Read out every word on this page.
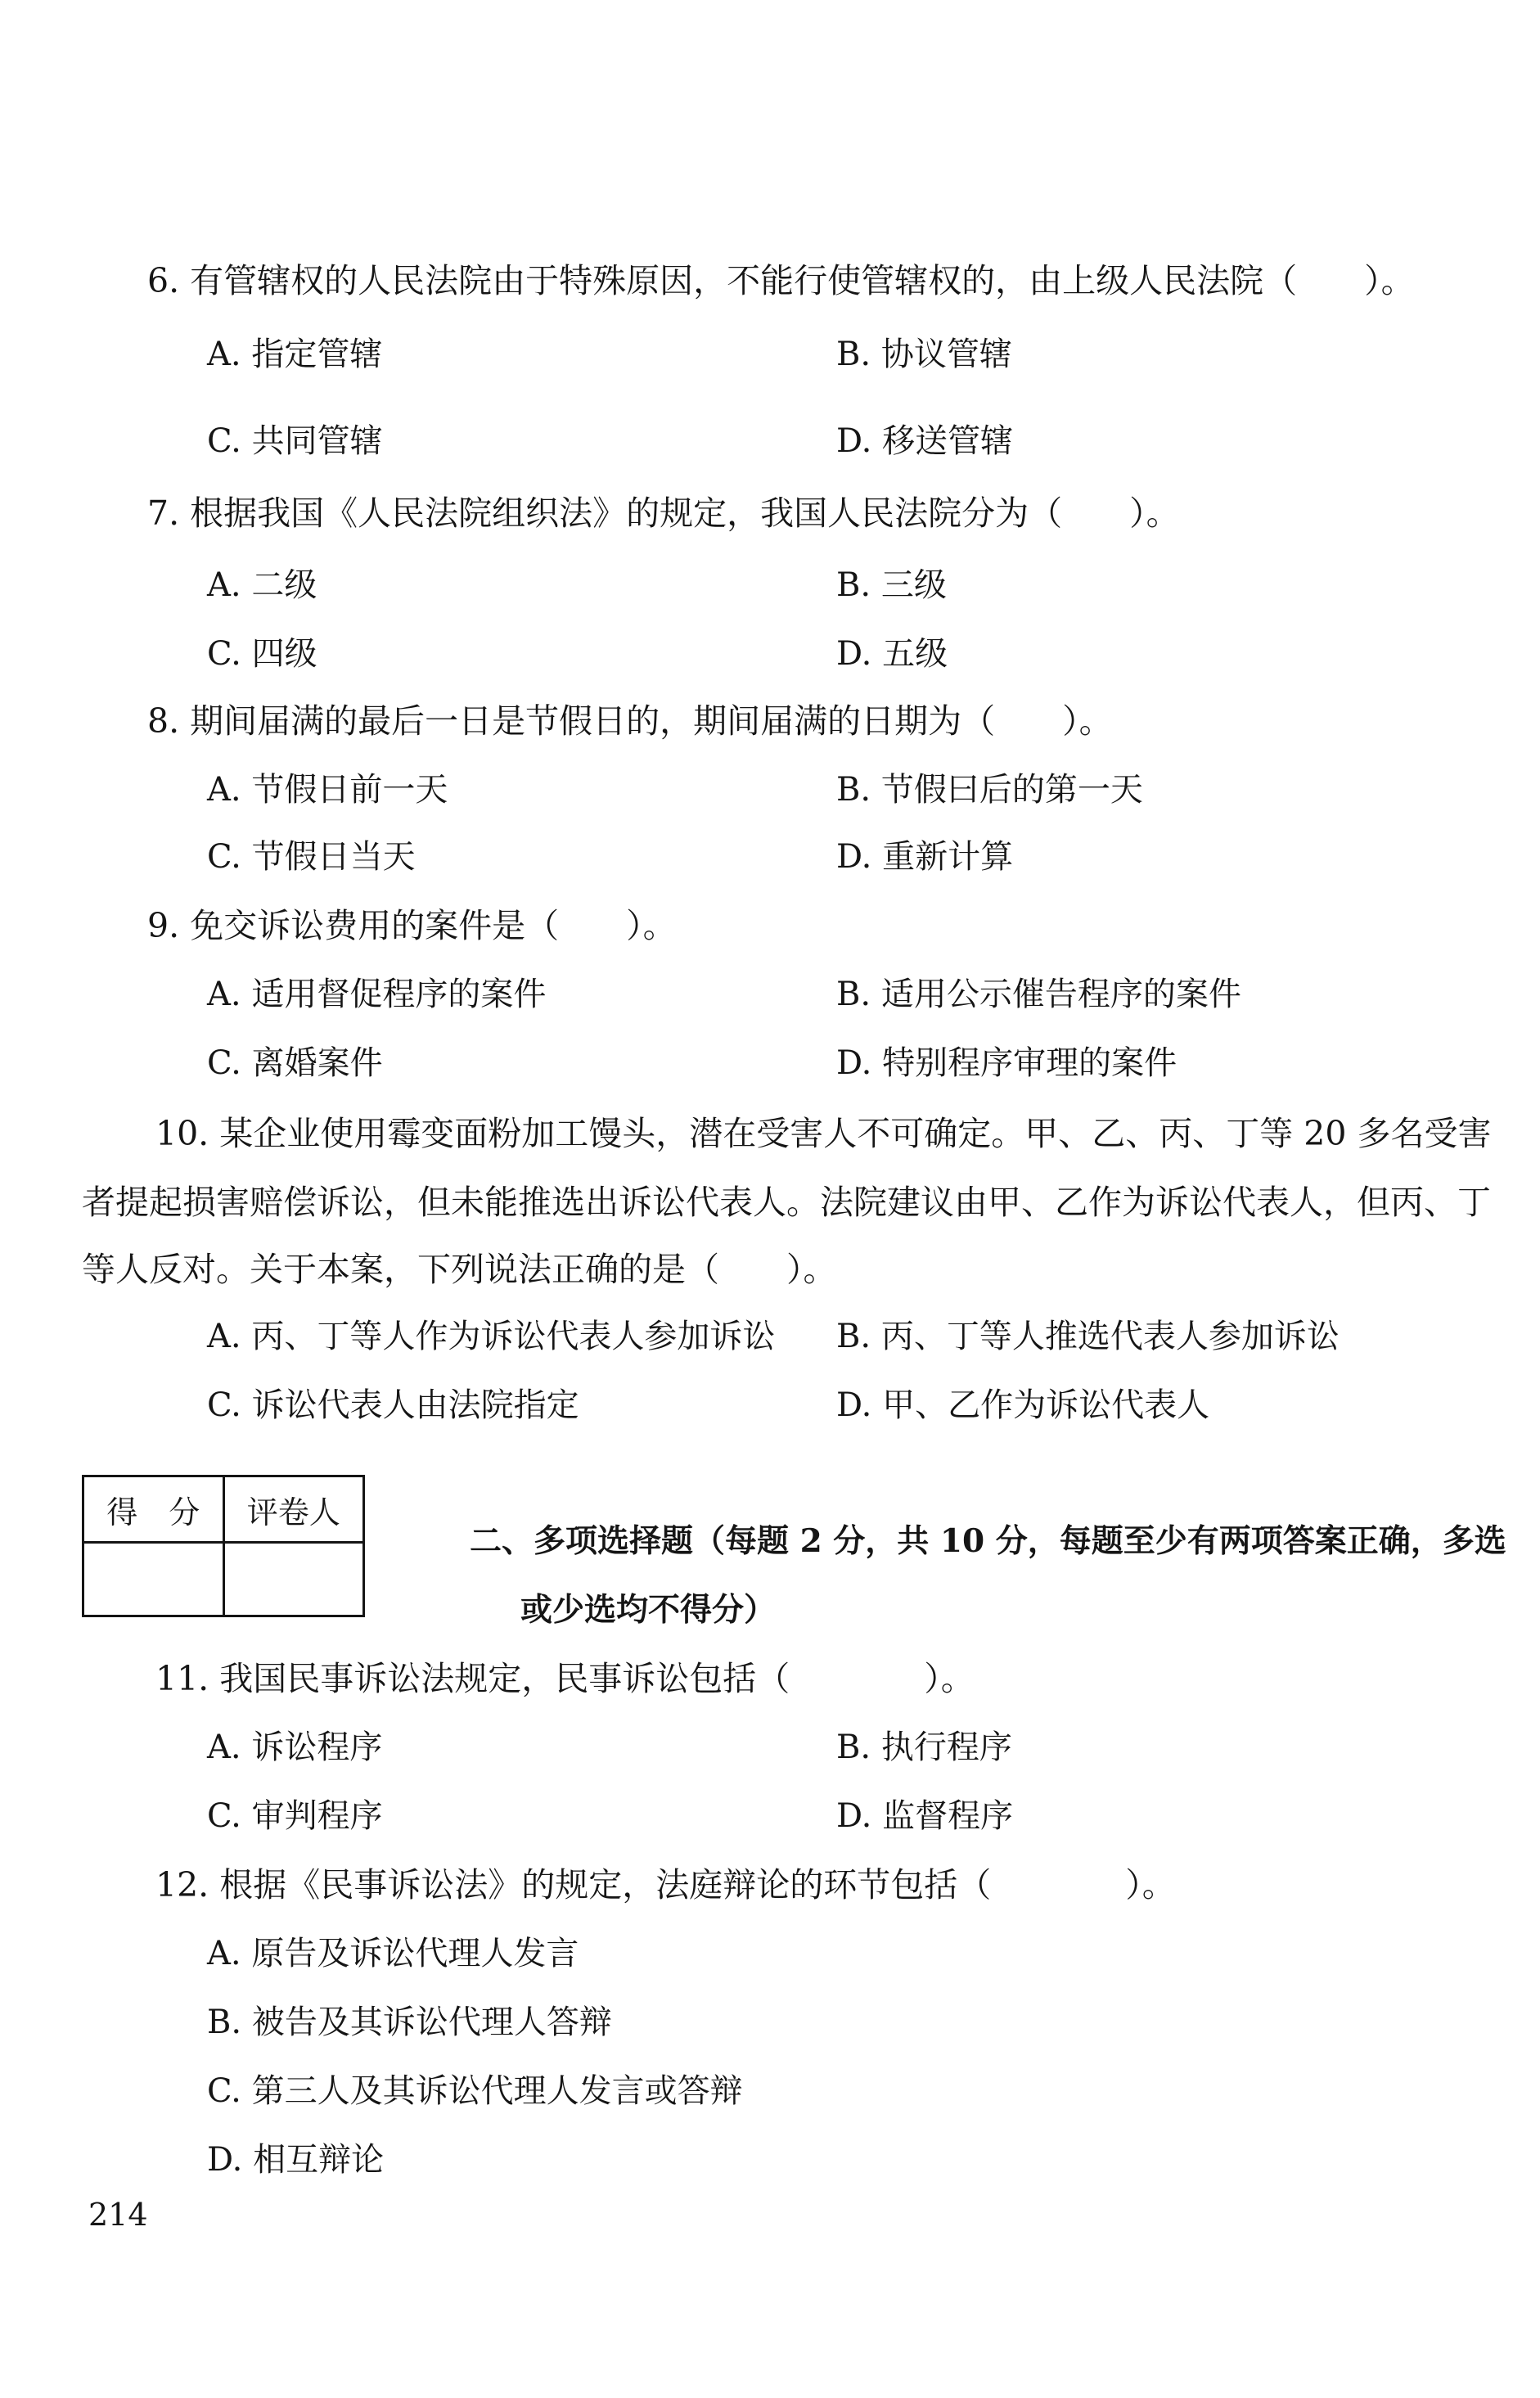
6. 有管辖权的人民法院由于特殊原因，不能行使管辖权的，由上级人民法院（　　）。
A. 指定管辖	B. 协议管辖
C. 共同管辖	D. 移送管辖
7. 根据我国《人民法院组织法》的规定，我国人民法院分为（　　）。
A. 二级	B. 三级
C. 四级	D. 五级
8. 期间届满的最后一日是节假日的，期间届满的日期为（　　）。
A. 节假日前一天	B. 节假曰后的第一天
C. 节假日当天	D. 重新计算
9. 免交诉讼费用的案件是（　　）。
A. 适用督促程序的案件	B. 适用公示催告程序的案件
C. 离婚案件	D. 特别程序审理的案件
10. 某企业使用霉变面粉加工馒头，潜在受害人不可确定。甲、乙、丙、丁等 20 多名受害
者提起损害赔偿诉讼，但未能推选出诉讼代表人。法院建议由甲、乙作为诉讼代表人，但丙、丁
等人反对。关于本案，下列说法正确的是（　　）。
A. 丙、丁等人作为诉讼代表人参加诉讼 B. 丙、丁等人推选代表人参加诉讼
C. 诉讼代表人由法院指定	D. 甲、乙作为诉讼代表人
得　分	评卷人

二、多项选择题（每题 2 分，共 10 分，每题至少有两项答案正确，多选
或少选均不得分）
11. 我国民事诉讼法规定，民事诉讼包括（　　　　）。
A. 诉讼程序	B. 执行程序
C. 审判程序	D. 监督程序
12. 根据《民事诉讼法》的规定，法庭辩论的环节包括（　　　　）。
A. 原告及诉讼代理人发言
B. 被告及其诉讼代理人答辩
C. 第三人及其诉讼代理人发言或答辩
D. 相互辩论
214
